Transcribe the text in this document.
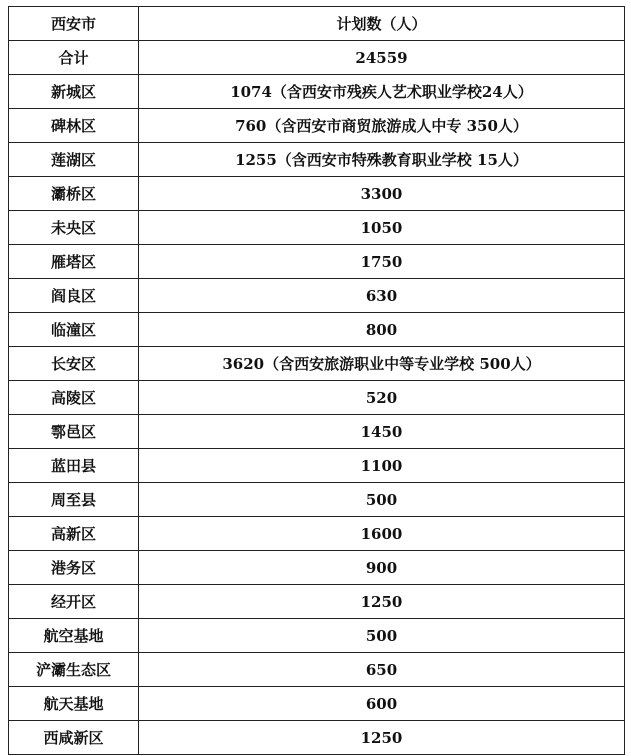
西安市	计划数（人）
合计	24559
新城区	1074（含西安市残疾人艺术职业学校24人）
碑林区	760（含西安市商贸旅游成人中专 350人）
莲湖区	1255（含西安市特殊教育职业学校 15人）
灞桥区	3300
未央区	1050
雁塔区	1750
阎良区	630
临潼区	800
长安区	3620（含西安旅游职业中等专业学校 500人）
高陵区	520
鄠邑区	1450
蓝田县	1100
周至县	500
高新区	1600
港务区	900
经开区	1250
航空基地	500
浐灞生态区	650
航天基地	600
西咸新区	1250
